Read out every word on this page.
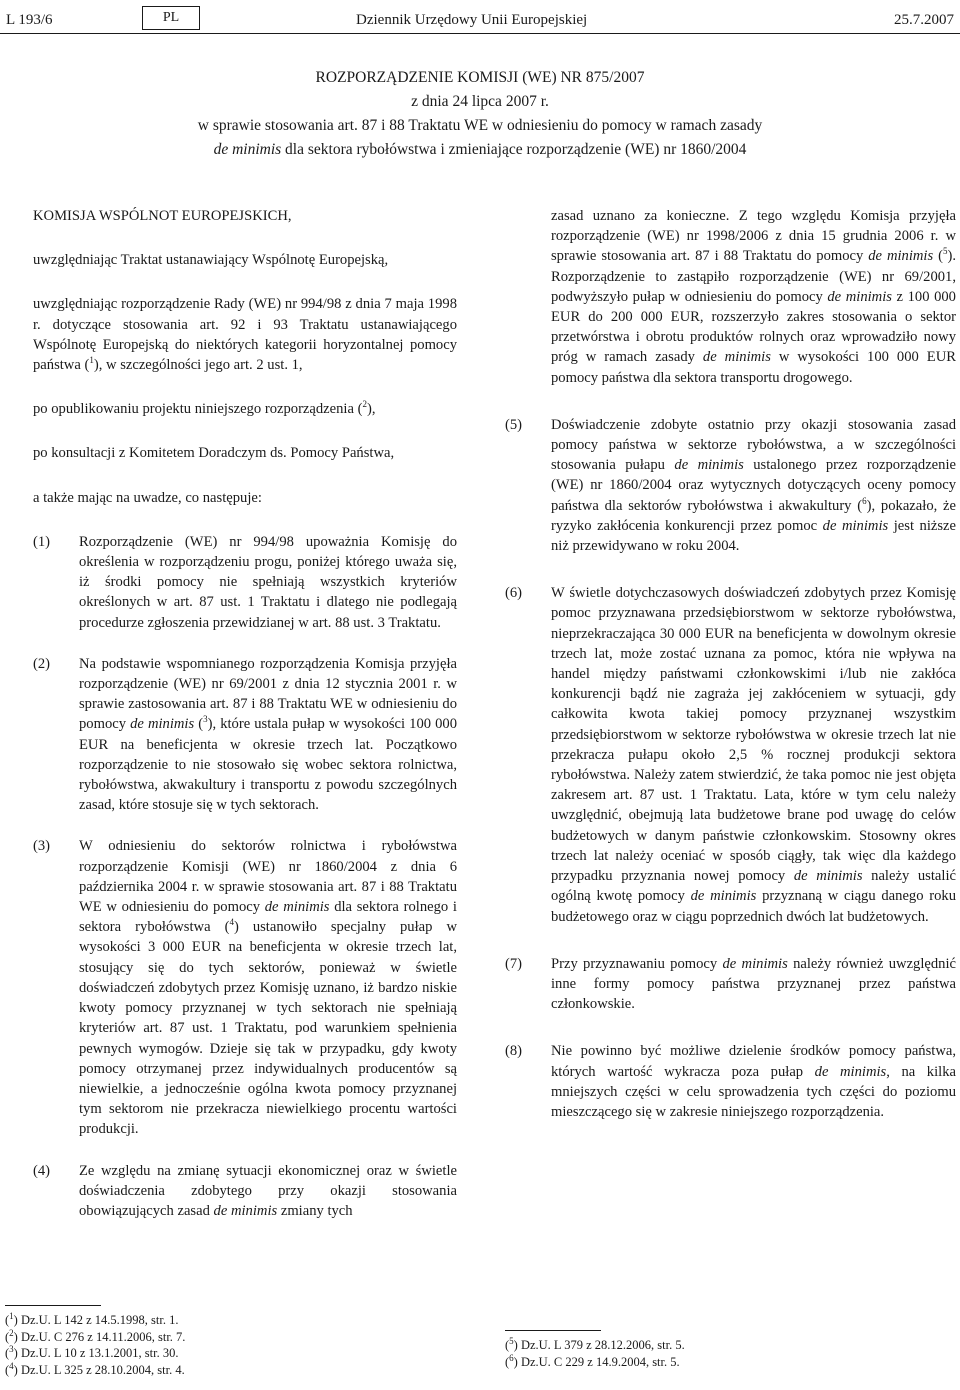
L 193/6	PL	Dziennik Urzędowy Unii Europejskiej	25.7.2007
ROZPORZĄDZENIE KOMISJI (WE) NR 875/2007
z dnia 24 lipca 2007 r.
w sprawie stosowania art. 87 i 88 Traktatu WE w odniesieniu do pomocy w ramach zasady
de minimis dla sektora rybołówstwa i zmieniające rozporządzenie (WE) nr 1860/2004

KOMISJA WSPÓLNOT EUROPEJSKICH,

uwzględniając Traktat ustanawiający Wspólnotę Europejską,

uwzględniając rozporządzenie Rady (WE) nr 994/98 z dnia 7 maja 1998 r. dotyczące stosowania art. 92 i 93 Traktatu ustanawiającego Wspólnotę Europejską do niektórych kategorii horyzontalnej pomocy państwa ($^1$), w szczególności jego art. 2 ust. 1,

po opublikowaniu projektu niniejszego rozporządzenia ($^2$),

po konsultacji z Komitetem Doradczym ds. Pomocy Państwa,

a także mając na uwadze, co następuje:

(1) Rozporządzenie (WE) nr 994/98 upoważnia Komisję do określenia w rozporządzeniu progu, poniżej którego uważa się, iż środki pomocy nie spełniają wszystkich kryteriów określonych w art. 87 ust. 1 Traktatu i dlatego nie podlegają procedurze zgłoszenia przewidzianej w art. 88 ust. 3 Traktatu.

(2) Na podstawie wspomnianego rozporządzenia Komisja przyjęła rozporządzenie (WE) nr 69/2001 z dnia 12 stycznia 2001 r. w sprawie zastosowania art. 87 i 88 Traktatu WE w odniesieniu do pomocy de minimis ($^3$), które ustala pułap w wysokości 100 000 EUR na beneficjenta w okresie trzech lat. Początkowo rozporządzenie to nie stosowało się wobec sektora rolnictwa, rybołówstwa, akwakultury i transportu z powodu szczególnych zasad, które stosuje się w tych sektorach.

(3) W odniesieniu do sektorów rolnictwa i rybołówstwa rozporządzenie Komisji (WE) nr 1860/2004 z dnia 6 października 2004 r. w sprawie stosowania art. 87 i 88 Traktatu WE w odniesieniu do pomocy de minimis dla sektora rolnego i sektora rybołówstwa ($^4$) ustanowiło specjalny pułap w wysokości 3 000 EUR na beneficjenta w okresie trzech lat, stosujący się do tych sektorów, ponieważ w świetle doświadczeń zdobytych przez Komisję uznano, iż bardzo niskie kwoty pomocy przyznanej w tych sektorach nie spełniają kryteriów art. 87 ust. 1 Traktatu, pod warunkiem spełnienia pewnych wymogów. Dzieje się tak w przypadku, gdy kwoty pomocy otrzymanej przez indywidualnych producentów są niewielkie, a jednocześnie ogólna kwota pomocy przyznanej tym sektorom nie przekracza niewielkiego procentu wartości produkcji.

(4) Ze względu na zmianę sytuacji ekonomicznej oraz w świetle doświadczenia zdobytego przy okazji stosowania obowiązujących zasad de minimis zmiany tych

zasad uznano za konieczne. Z tego względu Komisja przyjęła rozporządzenie (WE) nr 1998/2006 z dnia 15 grudnia 2006 r. w sprawie stosowania art. 87 i 88 Traktatu do pomocy de minimis ($^5$). Rozporządzenie to zastąpiło rozporządzenie (WE) nr 69/2001, podwyższyło pułap w odniesieniu do pomocy de minimis z 100 000 EUR do 200 000 EUR, rozszerzyło zakres stosowania o sektor przetwórstwa i obrotu produktów rolnych oraz wprowadziło nowy próg w ramach zasady de minimis w wysokości 100 000 EUR pomocy państwa dla sektora transportu drogowego.

(5) Doświadczenie zdobyte ostatnio przy okazji stosowania zasad pomocy państwa w sektorze rybołówstwa, a w szczególności stosowania pułapu de minimis ustalonego przez rozporządzenie (WE) nr 1860/2004 oraz wytycznych dotyczących oceny pomocy państwa dla sektorów rybołówstwa i akwakultury ($^6$), pokazało, że ryzyko zakłócenia konkurencji przez pomoc de minimis jest niższe niż przewidywano w roku 2004.

(6) W świetle dotychczasowych doświadczeń zdobytych przez Komisję pomoc przyznawana przedsiębiorstwom w sektorze rybołówstwa, nieprzekraczająca 30 000 EUR na beneficjenta w dowolnym okresie trzech lat, może zostać uznana za pomoc, która nie wpływa na handel między państwami członkowskimi i/lub nie zakłóca konkurencji bądź nie zagraża jej zakłóceniem w sytuacji, gdy całkowita kwota takiej pomocy przyznanej wszystkim przedsiębiorstwom w sektorze rybołówstwa w okresie trzech lat nie przekracza pułapu około 2,5 % rocznej produkcji sektora rybołówstwa. Należy zatem stwierdzić, że taka pomoc nie jest objęta zakresem art. 87 ust. 1 Traktatu. Lata, które w tym celu należy uwzględnić, obejmują lata budżetowe brane pod uwagę do celów budżetowych w danym państwie członkowskim. Stosowny okres trzech lat należy oceniać w sposób ciągły, tak więc dla każdego przypadku przyznania nowej pomocy de minimis należy ustalić ogólną kwotę pomocy de minimis przyznaną w ciągu danego roku budżetowego oraz w ciągu poprzednich dwóch lat budżetowych.

(7) Przy przyznawaniu pomocy de minimis należy również uwzględnić inne formy pomocy państwa przyznanej przez państwa członkowskie.

(8) Nie powinno być możliwe dzielenie środków pomocy państwa, których wartość wykracza poza pułap de minimis, na kilka mniejszych części w celu sprowadzenia tych części do poziomu mieszczącego się w zakresie niniejszego rozporządzenia.

($^1$) Dz.U. L 142 z 14.5.1998, str. 1.
($^2$) Dz.U. C 276 z 14.11.2006, str. 7.
($^3$) Dz.U. L 10 z 13.1.2001, str. 30.
($^4$) Dz.U. L 325 z 28.10.2004, str. 4.
($^5$) Dz.U. L 379 z 28.12.2006, str. 5.
($^6$) Dz.U. C 229 z 14.9.2004, str. 5.
